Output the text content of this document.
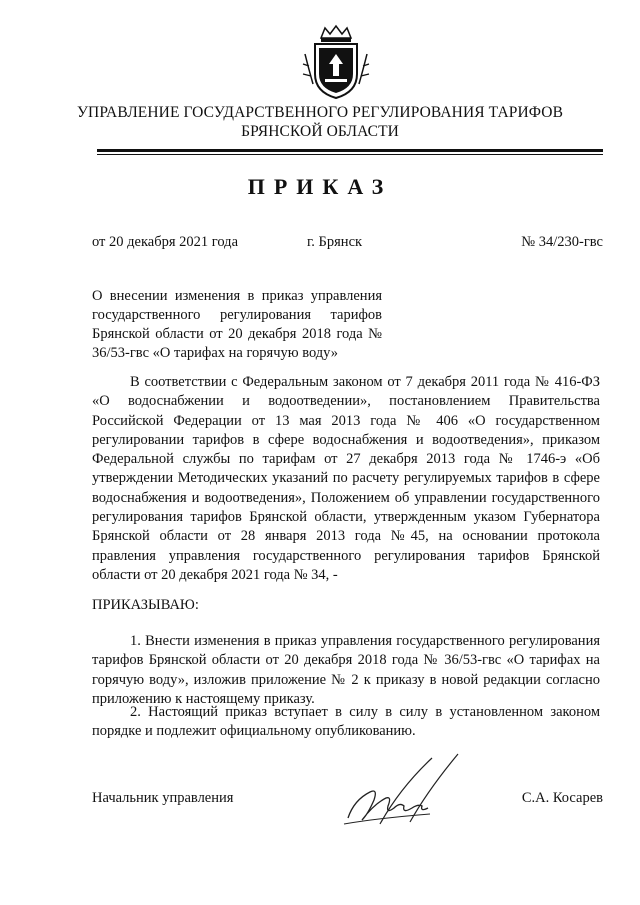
УПРАВЛЕНИЕ ГОСУДАРСТВЕННОГО РЕГУЛИРОВАНИЯ ТАРИФОВ
БРЯНСКОЙ ОБЛАСТИ
ПРИКАЗ
от 20 декабря 2021 года	г. Брянск	№ 34/230-гвс
О внесении изменения в приказ управления государственного регулирования тарифов Брянской области от 20 декабря 2018 года № 36/53-гвс «О тарифах на горячую воду»
В соответствии с Федеральным законом от 7 декабря 2011 года № 416-ФЗ «О водоснабжении и водоотведении», постановлением Правительства Российской Федерации от 13 мая 2013 года № 406 «О государственном регулировании тарифов в сфере водоснабжения и водоотведения», приказом Федеральной службы по тарифам от 27 декабря 2013 года № 1746-э «Об утверждении Методических указаний по расчету регулируемых тарифов в сфере водоснабжения и водоотведения», Положением об управлении государственного регулирования тарифов Брянской области, утвержденным указом Губернатора Брянской области от 28 января 2013 года №45, на основании протокола правления управления государственного регулирования тарифов Брянской области от 20 декабря 2021 года № 34, -
ПРИКАЗЫВАЮ:
1. Внести изменения в приказ управления государственного регулирования тарифов Брянской области от 20 декабря 2018 года № 36/53-гвс «О тарифах на горячую воду», изложив приложение № 2 к приказу в новой редакции согласно приложению к настоящему приказу.
2. Настоящий приказ вступает в силу в силу в установленном законом порядке и подлежит официальному опубликованию.
Начальник управления	С.А. Косарев
